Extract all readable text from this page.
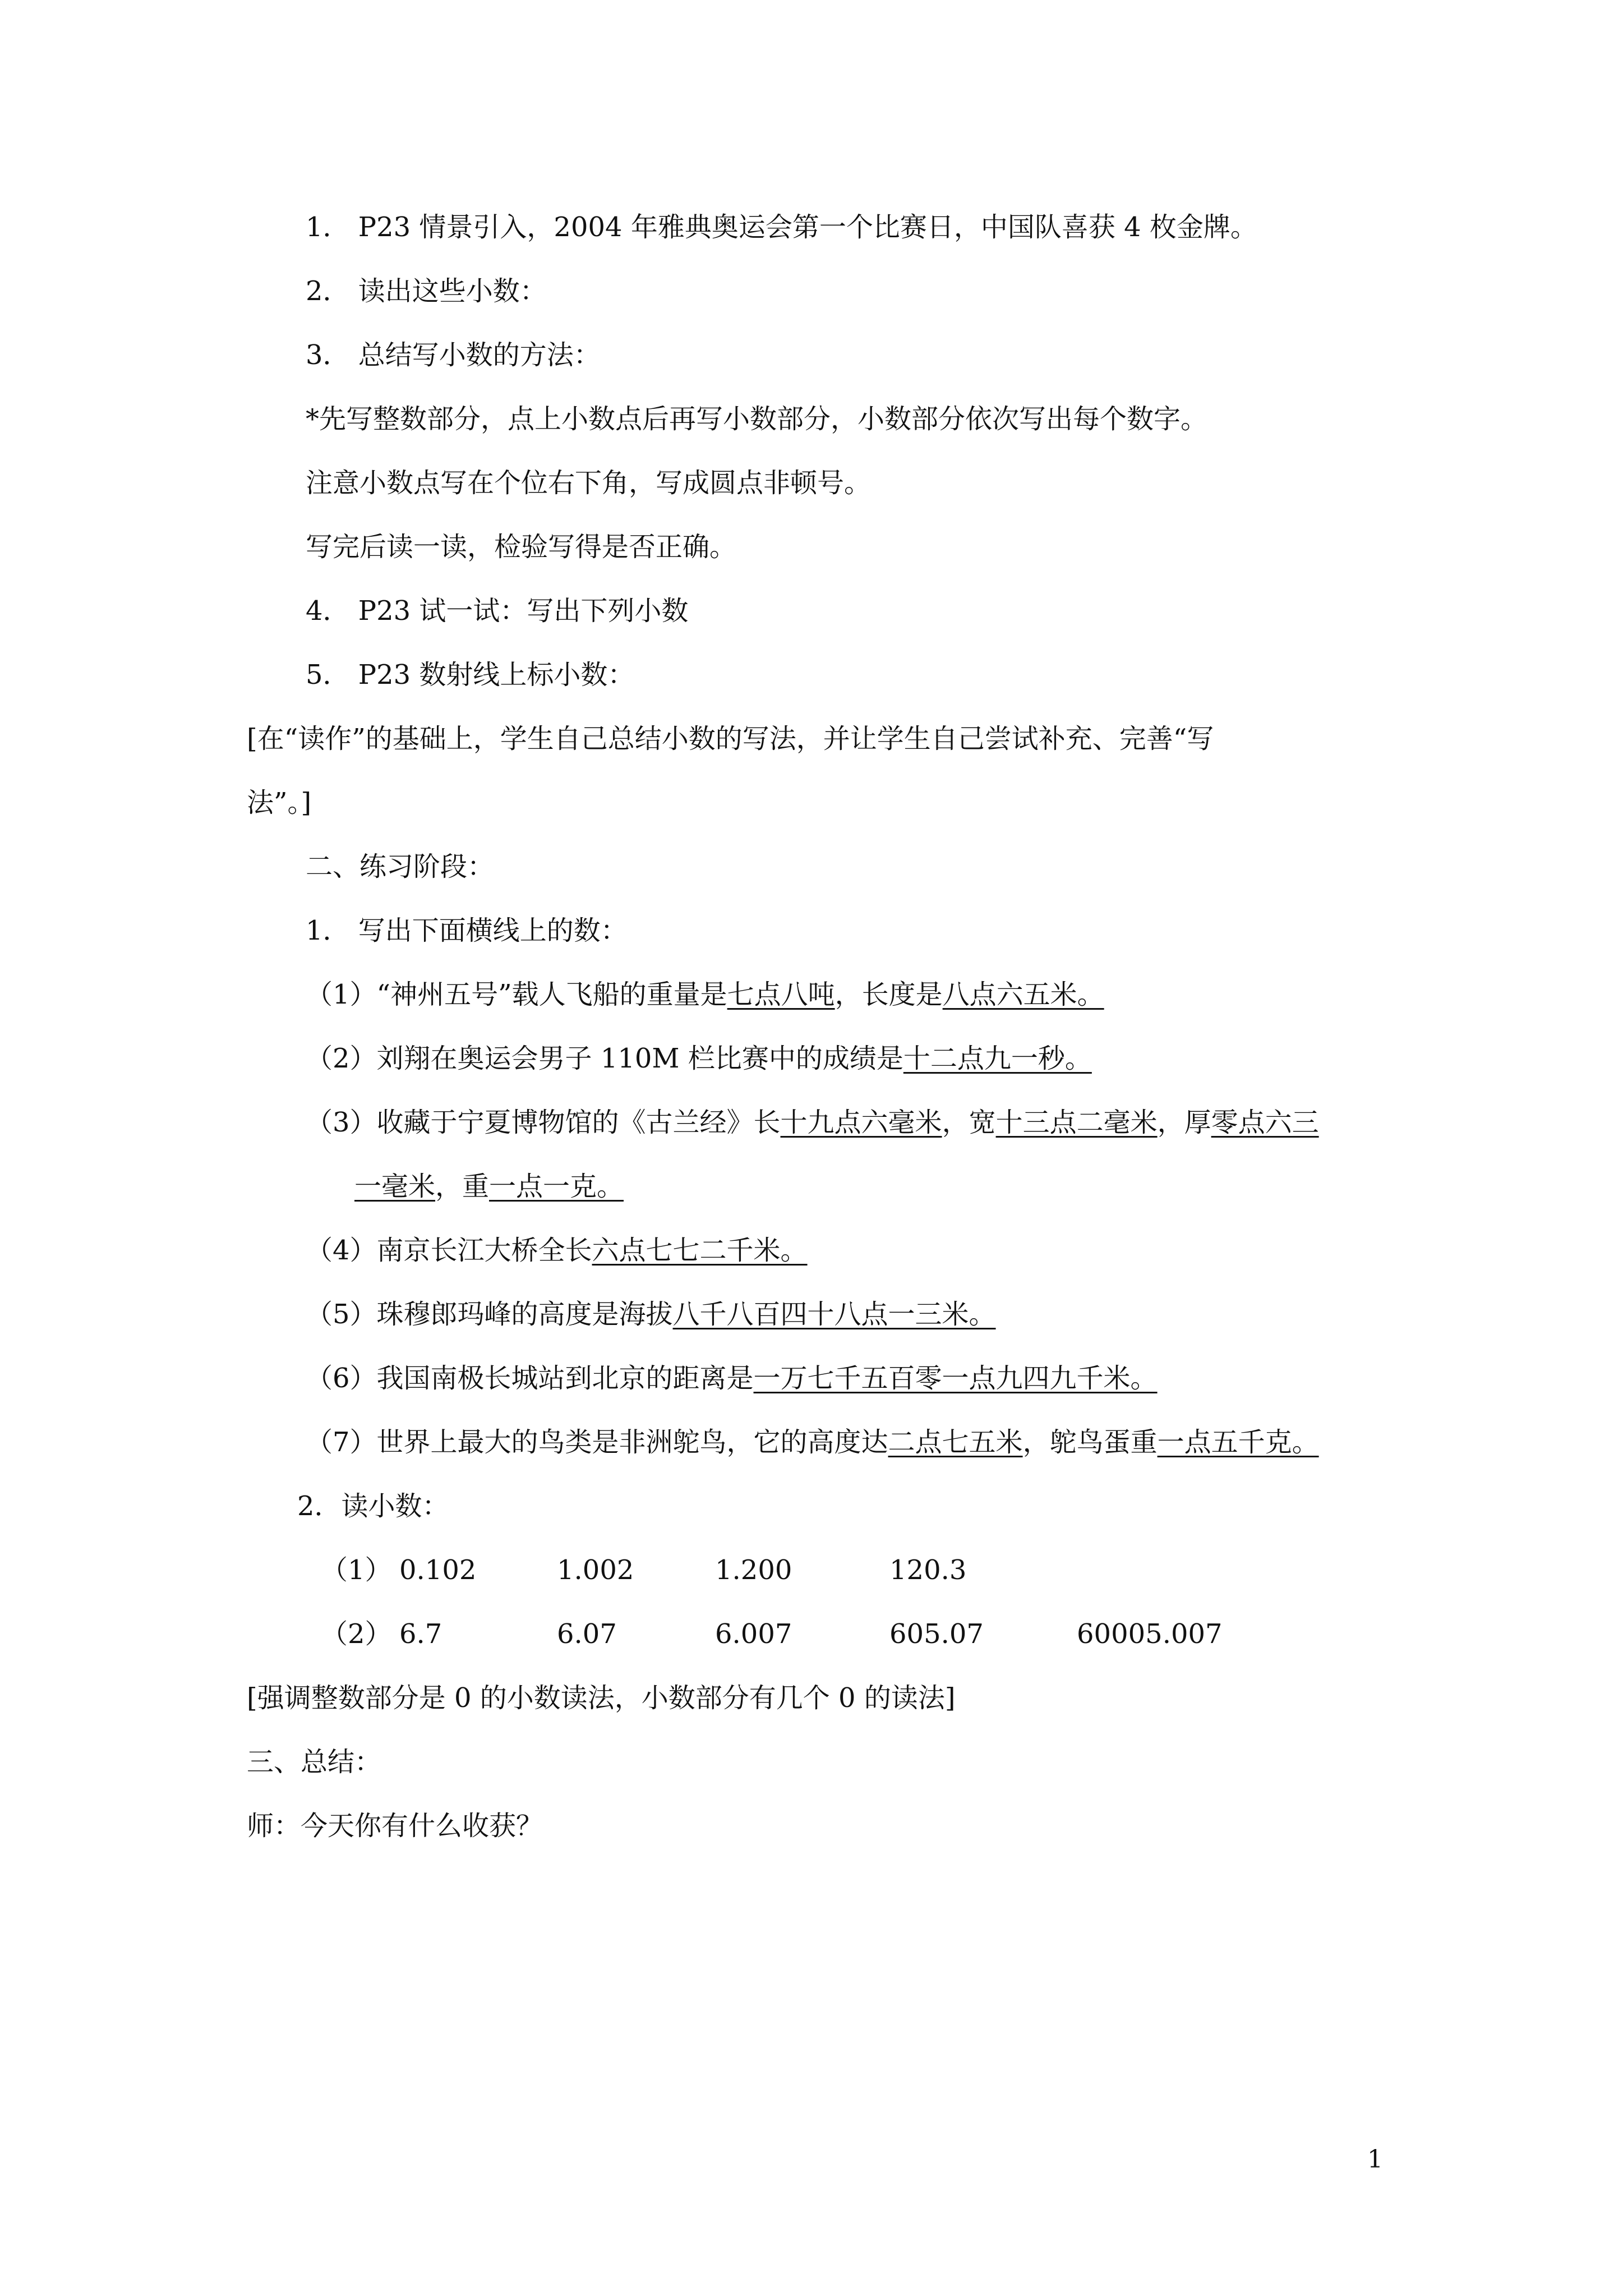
1． P23 情景引入，2004 年雅典奥运会第一个比赛日，中国队喜获 4 枚金牌。
2． 读出这些小数：
3． 总结写小数的方法：
*先写整数部分，点上小数点后再写小数部分，小数部分依次写出每个数字。
注意小数点写在个位右下角，写成圆点非顿号。
写完后读一读，检验写得是否正确。
4． P23 试一试：写出下列小数
5． P23 数射线上标小数：
[在“读作”的基础上，学生自己总结小数的写法，并让学生自己尝试补充、完善“写
法”。]
二、练习阶段：
1． 写出下面横线上的数：
（1）“神州五号”载人飞船的重量是七点八吨，长度是八点六五米。
（2）刘翔在奥运会男子 110M 栏比赛中的成绩是十二点九一秒。
（3）收藏于宁夏博物馆的《古兰经》长十九点六毫米，宽十三点二毫米，厚零点六三
一毫米，重一点一克。
（4）南京长江大桥全长六点七七二千米。
（5）珠穆郎玛峰的高度是海拔八千八百四十八点一三米。
（6）我国南极长城站到北京的距离是一万七千五百零一点九四九千米。
（7）世界上最大的鸟类是非洲鸵鸟，它的高度达二点七五米，鸵鸟蛋重一点五千克。
2．读小数：
（1） 0.102	1.002	1.200	120.3
（2） 6.7	6.07	6.007	605.07	60005.007
[强调整数部分是 0 的小数读法，小数部分有几个 0 的读法]
三、总结：
师：今天你有什么收获？
1
